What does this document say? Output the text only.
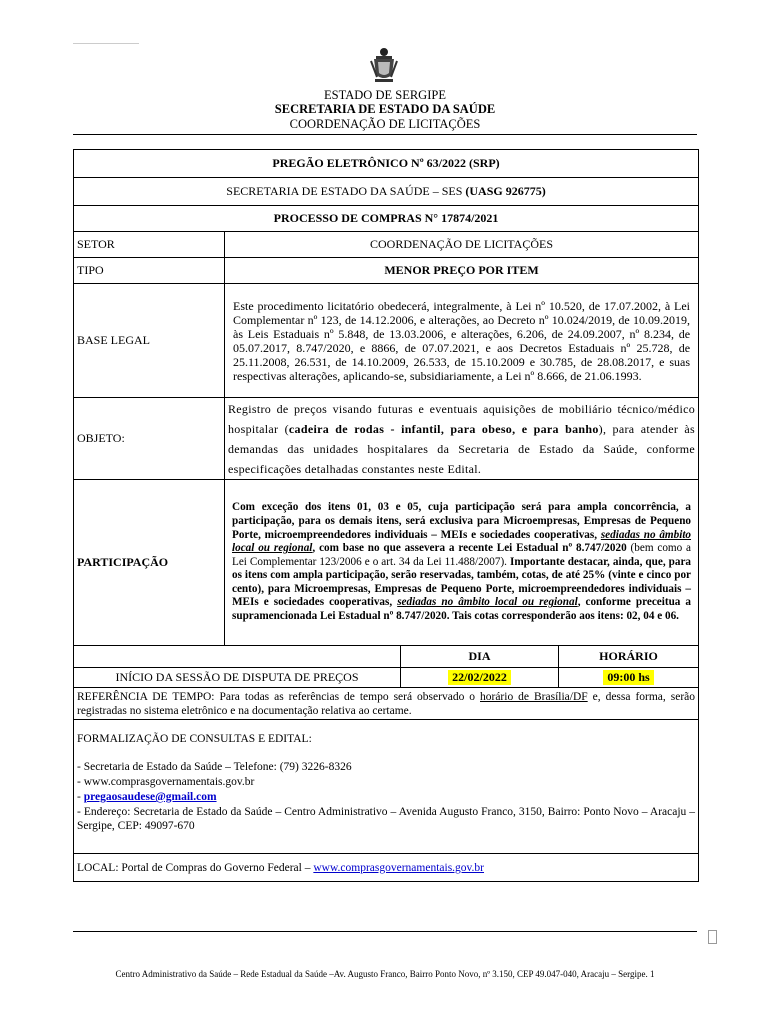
ESTADO DE SERGIPE
SECRETARIA DE ESTADO DA SAÚDE
COORDENAÇÃO DE LICITAÇÕES
PREGÃO ELETRÔNICO Nº 63/2022 (SRP)			
SECRETARIA DE ESTADO DA SAÚDE – SES (UASG 926775)			
PROCESSO DE COMPRAS N° 17874/2021			
SETOR	COORDENAÇÃO DE LICITAÇÕES		
TIPO	MENOR PREÇO POR ITEM		
BASE LEGAL	Este procedimento licitatório obedecerá, integralmente, à Lei nº 10.520, de 17.07.2002, à Lei Complementar nº 123, de 14.12.2006, e alterações, ao Decreto nº 10.024/2019, de 10.09.2019, às Leis Estaduais nº 5.848, de 13.03.2006, e alterações, 6.206, de 24.09.2007, nº 8.234, de 05.07.2017, 8.747/2020, e 8866, de 07.07.2021, e aos Decretos Estaduais nº 25.728, de 25.11.2008, 26.531, de 14.10.2009, 26.533, de 15.10.2009 e 30.785, de 28.08.2017, e suas respectivas alterações, aplicando-se, subsidiariamente, a Lei nº 8.666, de 21.06.1993.		
OBJETO:	Registro de preços visando futuras e eventuais aquisições de mobiliário técnico/médico hospitalar (cadeira de rodas - infantil, para obeso, e para banho), para atender às demandas das unidades hospitalares da Secretaria de Estado da Saúde, conforme especificações detalhadas constantes neste Edital.		
PARTICIPAÇÃO	Com exceção dos itens 01, 03 e 05, cuja participação será para ampla concorrência, a participação, para os demais itens, será exclusiva para Microempresas, Empresas de Pequeno Porte, microempreendedores individuais – MEIs e sociedades cooperativas, sediadas no âmbito local ou regional, com base no que assevera a recente Lei Estadual nº 8.747/2020 (bem como a Lei Complementar 123/2006 e o art. 34 da Lei 11.488/2007). Importante destacar, ainda, que, para os itens com ampla participação, serão reservadas, também, cotas, de até 25% (vinte e cinco por cento), para Microempresas, Empresas de Pequeno Porte, microempreendedores individuais – MEIs e sociedades cooperativas, sediadas no âmbito local ou regional, conforme preceitua a supramencionada Lei Estadual nº 8.747/2020. Tais cotas corresponderão aos itens: 02, 04 e 06.		
		DIA	HORÁRIO
INÍCIO DA SESSÃO DE DISPUTA DE PREÇOS		22/02/2022	09:00 hs
REFERÊNCIA DE TEMPO: Para todas as referências de tempo será observado o horário de Brasília/DF e, dessa forma, serão registradas no sistema eletrônico e na documentação relativa ao certame.			

FORMALIZAÇÃO DE CONSULTAS E EDITAL:
- Secretaria de Estado da Saúde – Telefone: (79) 3226-8326
- www.comprasgovernamentais.gov.br
- pregaosaudese@gmail.com
- Endereço: Secretaria de Estado da Saúde – Centro Administrativo – Avenida Augusto Franco, 3150, Bairro: Ponto Novo – Aracaju – Sergipe, CEP: 49097-670			

LOCAL: Portal de Compras do Governo Federal – www.comprasgovernamentais.gov.br			
Centro Administrativo da Saúde – Rede Estadual da Saúde –Av. Augusto Franco, Bairro Ponto Novo, nº 3.150, CEP 49.047-040, Aracaju – Sergipe. 1
